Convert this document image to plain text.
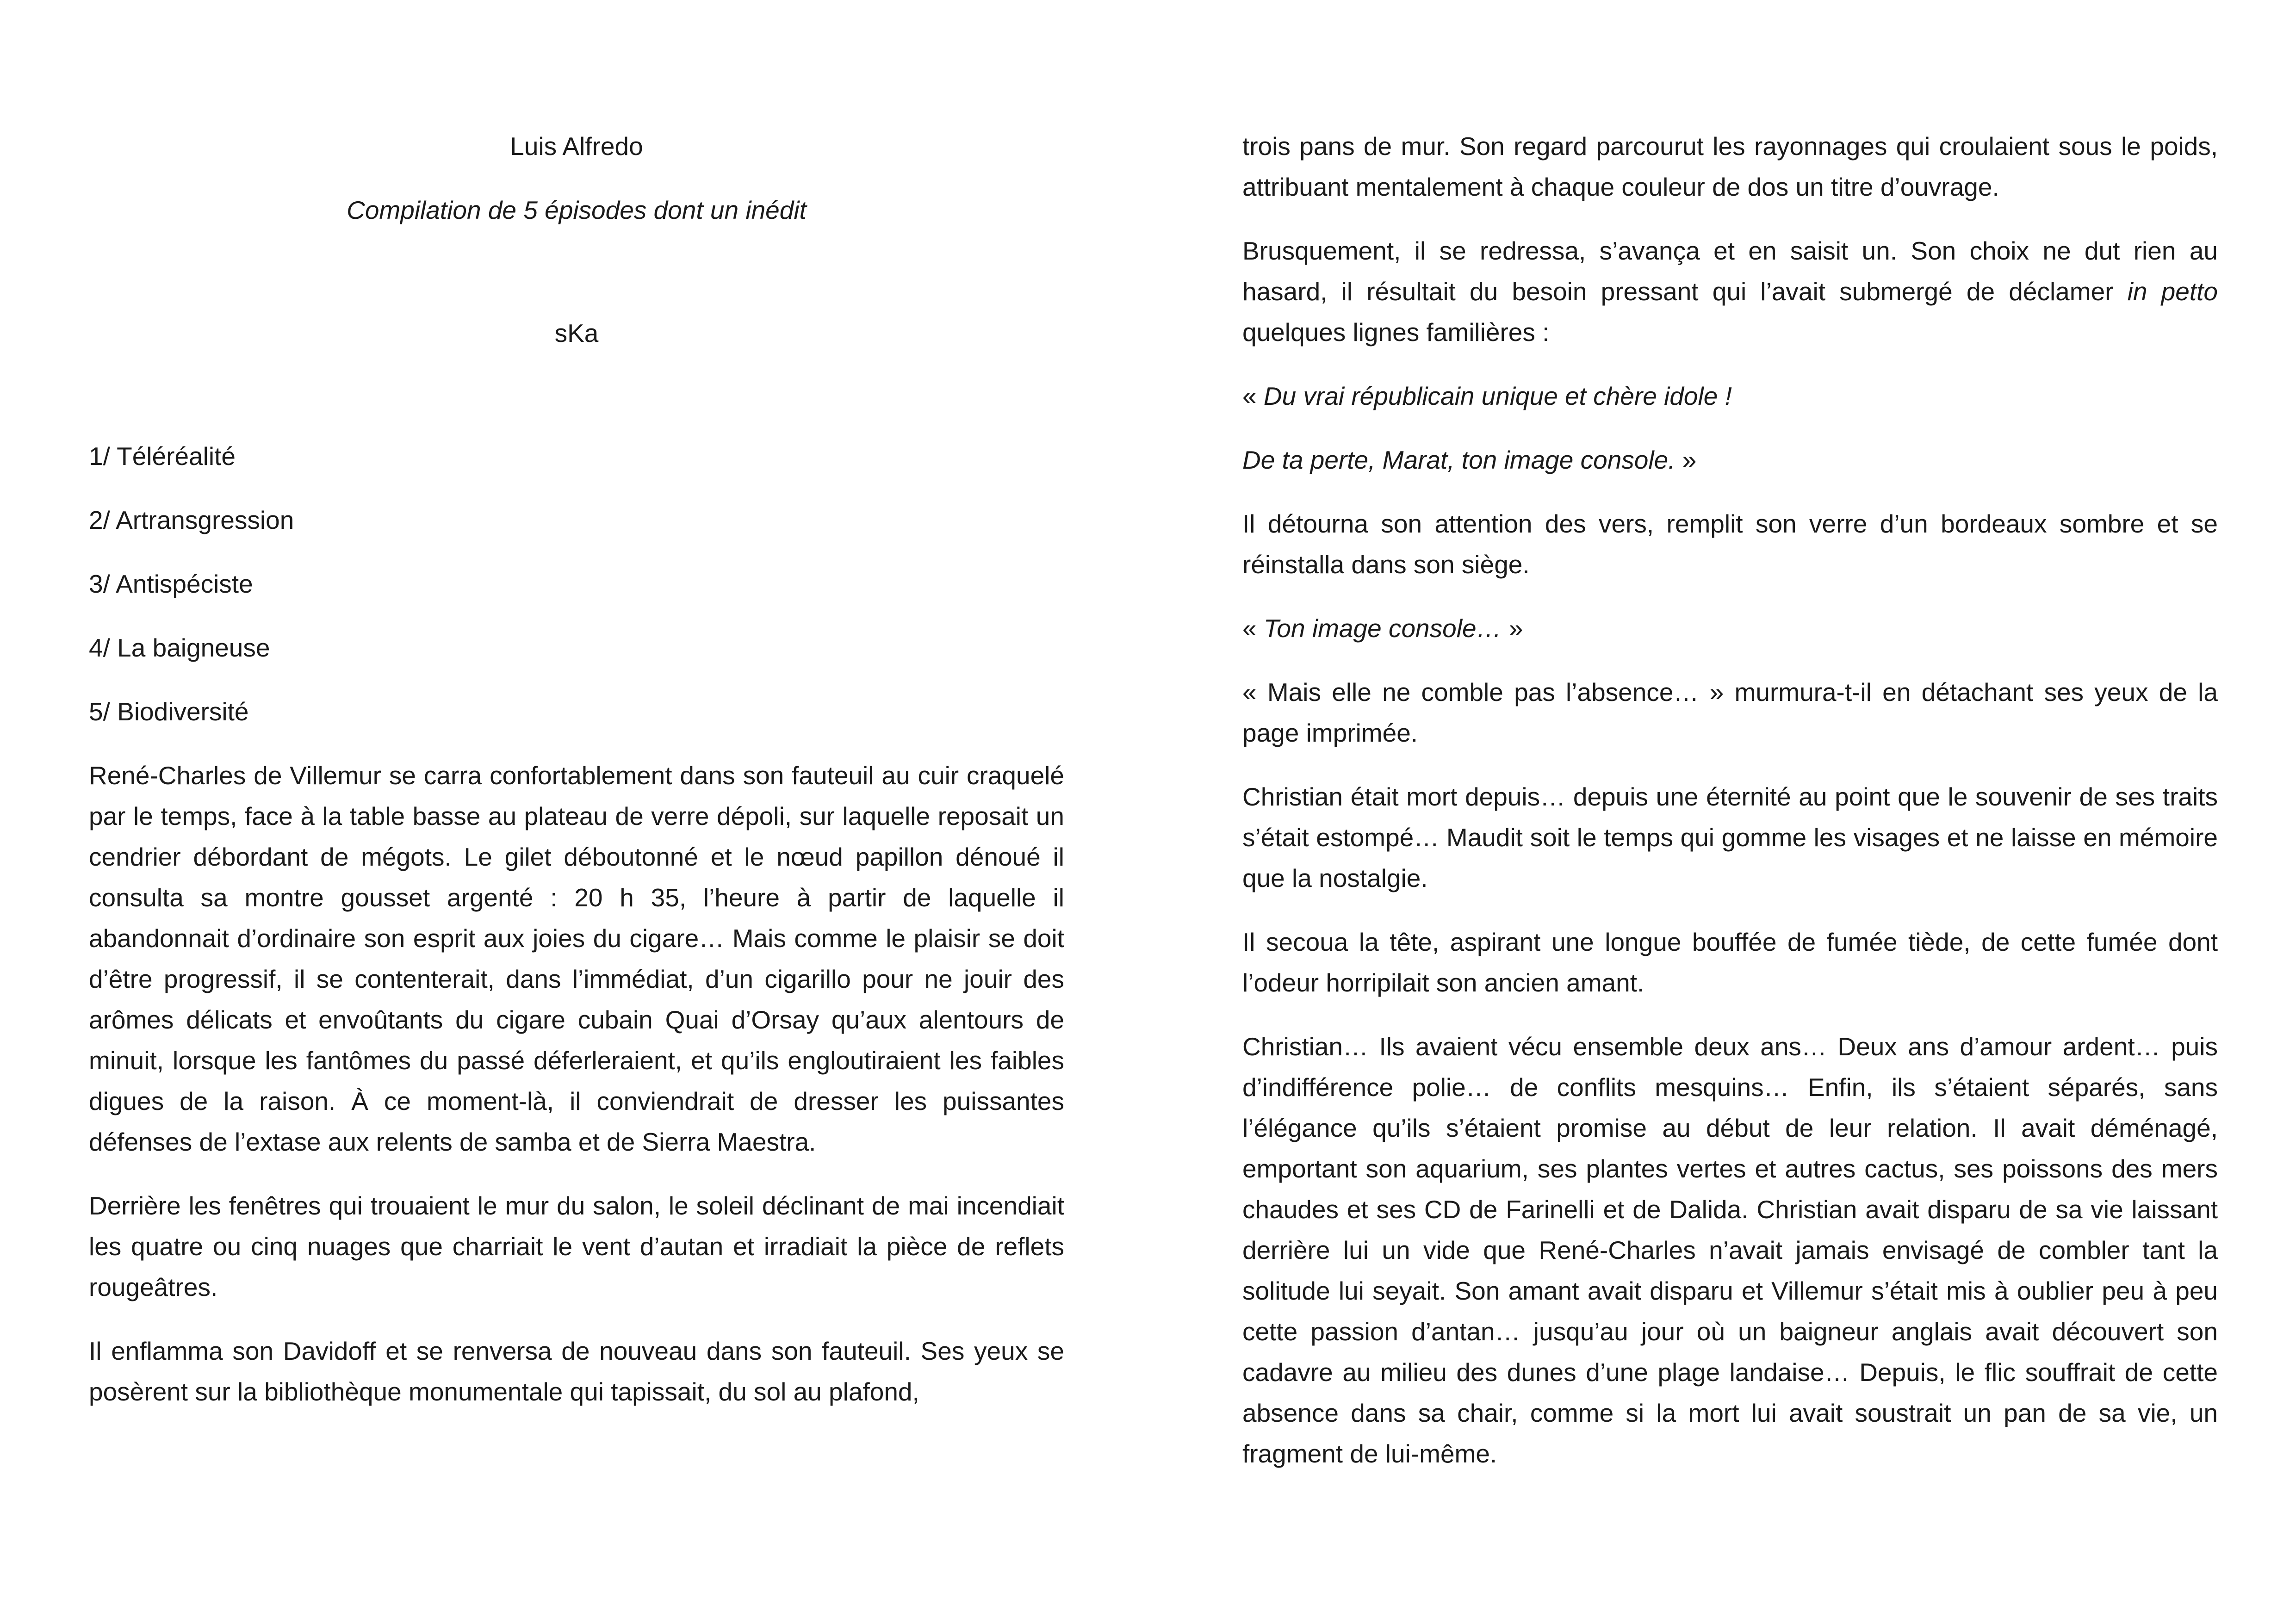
Luis Alfredo

Compilation de 5 épisodes dont un inédit

sKa

1/ Téléréalité

2/ Artransgression

3/ Antispéciste

4/ La baigneuse

5/ Biodiversité

René-Charles de Villemur se carra confortablement dans son fauteuil au cuir craquelé par le temps, face à la table basse au plateau de verre dépoli, sur laquelle reposait un cendrier débordant de mégots. Le gilet déboutonné et le nœud papillon dénoué il consulta sa montre gousset argenté : 20 h 35, l’heure à partir de laquelle il abandonnait d’ordinaire son esprit aux joies du cigare… Mais comme le plaisir se doit d’être progressif, il se contenterait, dans l’immédiat, d’un cigarillo pour ne jouir des arômes délicats et envoûtants du cigare cubain Quai d’Orsay qu’aux alentours de minuit, lorsque les fantômes du passé déferleraient, et qu’ils engloutiraient les faibles digues de la raison. À ce moment-là, il conviendrait de dresser les puissantes défenses de l’extase aux relents de samba et de Sierra Maestra.

Derrière les fenêtres qui trouaient le mur du salon, le soleil déclinant de mai incendiait les quatre ou cinq nuages que charriait le vent d’autan et irradiait la pièce de reflets rougeâtres.

Il enflamma son Davidoff et se renversa de nouveau dans son fauteuil. Ses yeux se posèrent sur la bibliothèque monumentale qui tapissait, du sol au plafond,

trois pans de mur. Son regard parcourut les rayonnages qui croulaient sous le poids, attribuant mentalement à chaque couleur de dos un titre d’ouvrage.

Brusquement, il se redressa, s’avança et en saisit un. Son choix ne dut rien au hasard, il résultait du besoin pressant qui l’avait submergé de déclamer in petto quelques lignes familières :

« Du vrai républicain unique et chère idole !

De ta perte, Marat, ton image console. »

Il détourna son attention des vers, remplit son verre d’un bordeaux sombre et se réinstalla dans son siège.

« Ton image console… »

« Mais elle ne comble pas l’absence… » murmura-t-il en détachant ses yeux de la page imprimée.

Christian était mort depuis… depuis une éternité au point que le souvenir de ses traits s’était estompé… Maudit soit le temps qui gomme les visages et ne laisse en mémoire que la nostalgie.

Il secoua la tête, aspirant une longue bouffée de fumée tiède, de cette fumée dont l’odeur horripilait son ancien amant.

Christian… Ils avaient vécu ensemble deux ans… Deux ans d’amour ardent… puis d’indifférence polie… de conflits mesquins… Enfin, ils s’étaient séparés, sans l’élégance qu’ils s’étaient promise au début de leur relation. Il avait déménagé, emportant son aquarium, ses plantes vertes et autres cactus, ses poissons des mers chaudes et ses CD de Farinelli et de Dalida. Christian avait disparu de sa vie laissant derrière lui un vide que René-Charles n’avait jamais envisagé de combler tant la solitude lui seyait. Son amant avait disparu et Villemur s’était mis à oublier peu à peu cette passion d’antan… jusqu’au jour où un baigneur anglais avait découvert son cadavre au milieu des dunes d’une plage landaise… Depuis, le flic souffrait de cette absence dans sa chair, comme si la mort lui avait soustrait un pan de sa vie, un fragment de lui-même.
